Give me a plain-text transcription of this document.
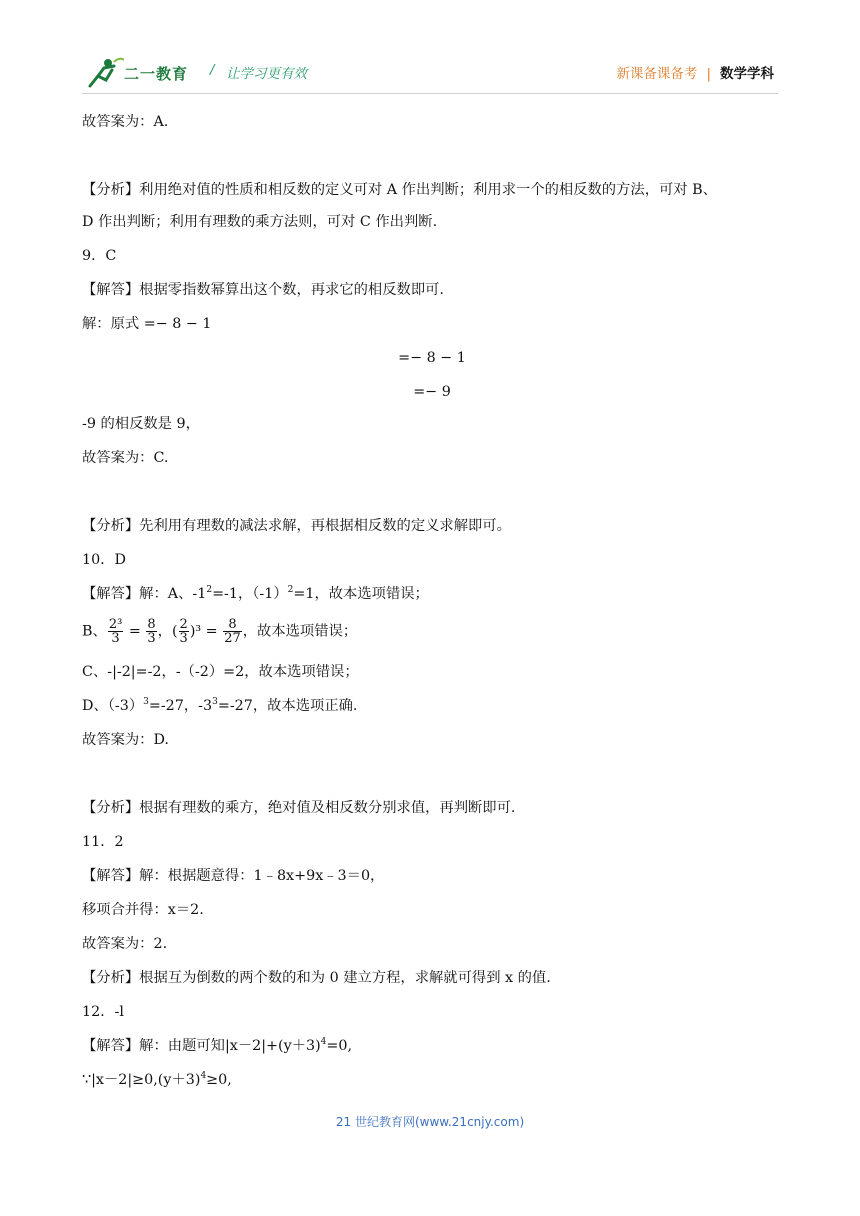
二一教育 / 让学习更有效	新课备课备考 | 数学学科
故答案为：A.
【分析】利用绝对值的性质和相反数的定义可对 A 作出判断；利用求一个的相反数的方法，可对 B、
D 作出判断；利用有理数的乘方法则，可对 C 作出判断.
9．C
【解答】根据零指数幂算出这个数，再求它的相反数即可.
解：原式 =− 8 − 1
=− 8 − 1
=− 9
-9 的相反数是 9，
故答案为：C.
【分析】先利用有理数的减法求解，再根据相反数的定义求解即可。
10．D
【解答】解：A、$-1^2=-1$，$(-1)^2=1$，故本选项错误；
B、 $\frac{\text{2³}}{3} = \frac{8}{3}$ ，( $\frac{2}{3} )^3 = \frac{8}{27}$ ，故本选项错误；
C、-|-2|=-2，-（-2）=2，故本选项错误；
D、$(-3)^3=-27$，$-3^3=-27$，故本选项正确.
故答案为：D.
【分析】根据有理数的乘方，绝对值及相反数分别求值，再判断即可.
11．2
【解答】解：根据题意得：1﹣8x+9x﹣3＝0，
移项合并得：x＝2.
故答案为：2.
【分析】根据互为倒数的两个数的和为 0 建立方程，求解就可得到 x 的值.
12．-l
【解答】解：由题可知$|x-2|+(y+3)^4=0$,
$\because|x-2|\ge 0,(y+3)^4\ge 0$,
21 世纪教育网(www.21cnjy.com)
